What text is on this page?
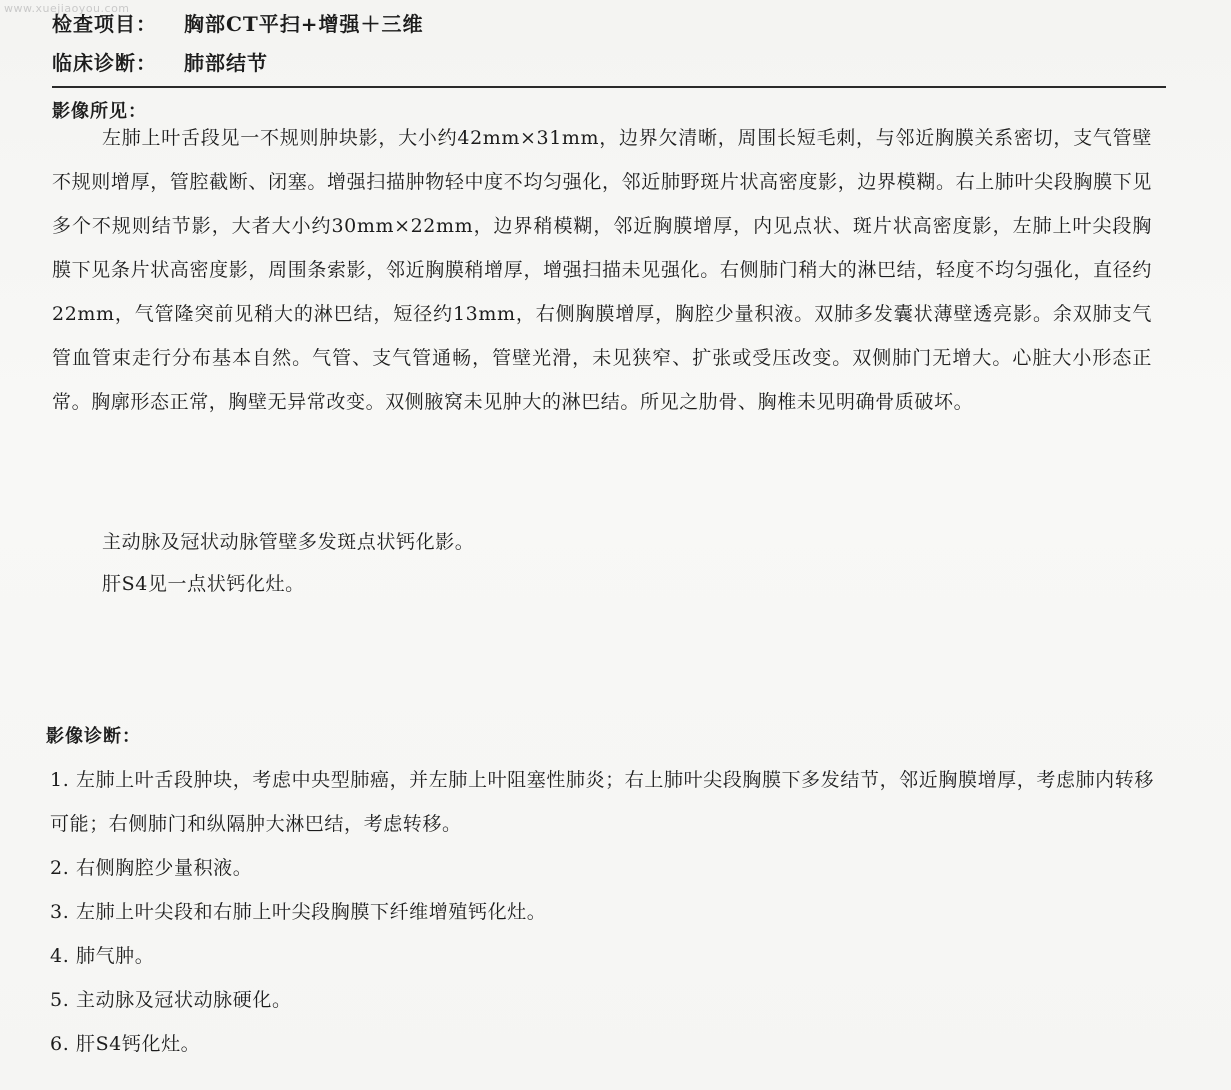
www.xuejiaoyou.com
检查项目： 胸部CT平扫+增强＋三维
临床诊断： 肺部结节
影像所见：

左肺上叶舌段见一不规则肿块影，大小约42mm×31mm，边界欠清晰，周围长短毛刺，与邻近胸膜关系密切，支气管壁不规则增厚，管腔截断、闭塞。增强扫描肿物轻中度不均匀强化，邻近肺野斑片状高密度影，边界模糊。右上肺叶尖段胸膜下见多个不规则结节影，大者大小约30mm×22mm，边界稍模糊，邻近胸膜增厚，内见点状、斑片状高密度影，左肺上叶尖段胸膜下见条片状高密度影，周围条索影，邻近胸膜稍增厚，增强扫描未见强化。右侧肺门稍大的淋巴结，轻度不均匀强化，直径约22mm，气管隆突前见稍大的淋巴结，短径约13mm，右侧胸膜增厚，胸腔少量积液。双肺多发囊状薄壁透亮影。余双肺支气管血管束走行分布基本自然。气管、支气管通畅，管壁光滑，未见狭窄、扩张或受压改变。双侧肺门无增大。心脏大小形态正常。胸廓形态正常，胸壁无异常改变。双侧腋窝未见肿大的淋巴结。所见之肋骨、胸椎未见明确骨质破坏。

主动脉及冠状动脉管壁多发斑点状钙化影。

肝S4见一点状钙化灶。

影像诊断：
1. 左肺上叶舌段肿块，考虑中央型肺癌，并左肺上叶阻塞性肺炎；右上肺叶尖段胸膜下多发结节，邻近胸膜增厚，考虑肺内转移可能；右侧肺门和纵隔肿大淋巴结，考虑转移。
2. 右侧胸腔少量积液。
3. 左肺上叶尖段和右肺上叶尖段胸膜下纤维增殖钙化灶。
4. 肺气肿。
5. 主动脉及冠状动脉硬化。
6. 肝S4钙化灶。
